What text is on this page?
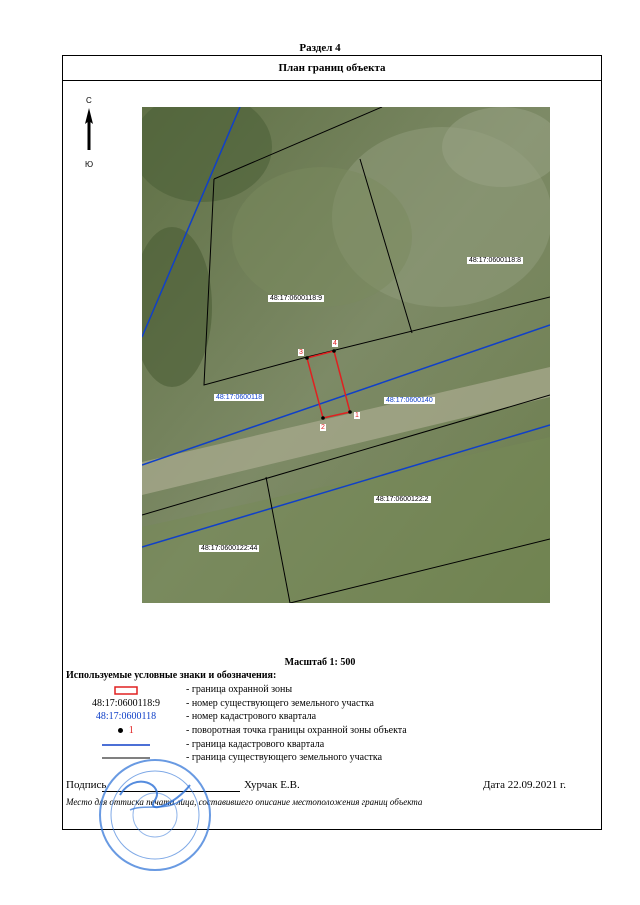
Раздел 4
План границ объекта
С
Ю
48:17:0600118:9
48:17:0600118:8
48:17:0600122:2
48:17:0600122:44
48:17:0600118	48:17:0600140
1
2
3
4
Масштаб 1: 500
Используемые условные знаки и обозначения:
- граница охранной зоны
48:17:0600118:9	- номер существующего земельного участка
48:17:0600118	- номер кадастрового квартала
1	- поворотная точка границы охранной зоны объекта
- граница кадастрового квартала
- граница существующего земельного участка
Подпись	Хурчак Е.В.	Дата 22.09.2021 г.
Место для оттиска печати лица, составившего описание местоположения границ объекта
